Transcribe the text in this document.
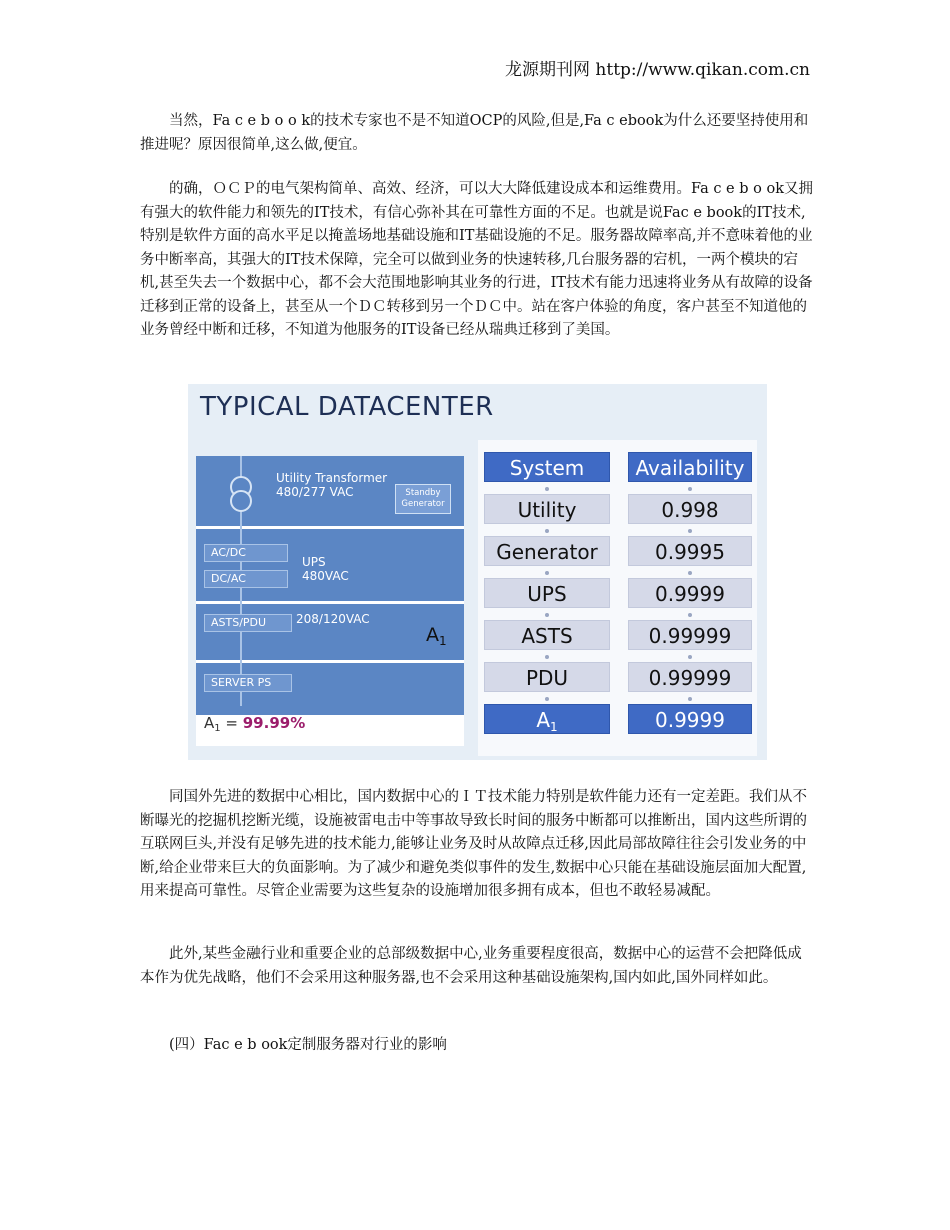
龙源期刊网 http://www.qikan.com.cn

当然，Fa c e b o o k的技术专家也不是不知道OCP的风险,但是,Fa c ebook为什么还要坚持使用和推进呢？原因很简单,这么做,便宜。

的确，ＯＣＰ的电气架构简单、高效、经济，可以大大降低建设成本和运维费用。Fa c e b o ok又拥有强大的软件能力和领先的IT技术，有信心弥补其在可靠性方面的不足。也就是说Fac e book的IT技术,特别是软件方面的高水平足以掩盖场地基础设施和IT基础设施的不足。服务器故障率高,并不意味着他的业务中断率高，其强大的IT技术保障，完全可以做到业务的快速转移,几台服务器的宕机，一两个模块的宕机,甚至失去一个数据中心，都不会大范围地影响其业务的行进，IT技术有能力迅速将业务从有故障的设备迁移到正常的设备上，甚至从一个ＤＣ转移到另一个ＤＣ中。站在客户体验的角度，客户甚至不知道他的业务曾经中断和迁移，不知道为他服务的IT设备已经从瑞典迁移到了美国。

TYPICAL DATACENTER
Utility Transformer
480/277 VAC	Standby
Generator
AC/DC
DC/AC
UPS
480VAC
ASTS/PDU	208/120VAC
$A_1$
SERVER PS
$A_1 = 99.99\%$
System	Availability
Utility	0.998
Generator	0.9995
UPS	0.9999
ASTS	0.99999
PDU	0.99999
$A_1$	0.9999

同国外先进的数据中心相比，国内数据中心的ＩＴ技术能力特别是软件能力还有一定差距。我们从不断曝光的挖掘机挖断光缆，设施被雷电击中等事故导致长时间的服务中断都可以推断出，国内这些所谓的互联网巨头,并没有足够先进的技术能力,能够让业务及时从故障点迁移,因此局部故障往往会引发业务的中断,给企业带来巨大的负面影响。为了减少和避免类似事件的发生,数据中心只能在基础设施层面加大配置,用来提高可靠性。尽管企业需要为这些复杂的设施增加很多拥有成本，但也不敢轻易减配。

此外,某些金融行业和重要企业的总部级数据中心,业务重要程度很高，数据中心的运营不会把降低成本作为优先战略，他们不会采用这种服务器,也不会采用这种基础设施架构,国内如此,国外同样如此。

(四）Fac e b ook定制服务器对行业的影响
